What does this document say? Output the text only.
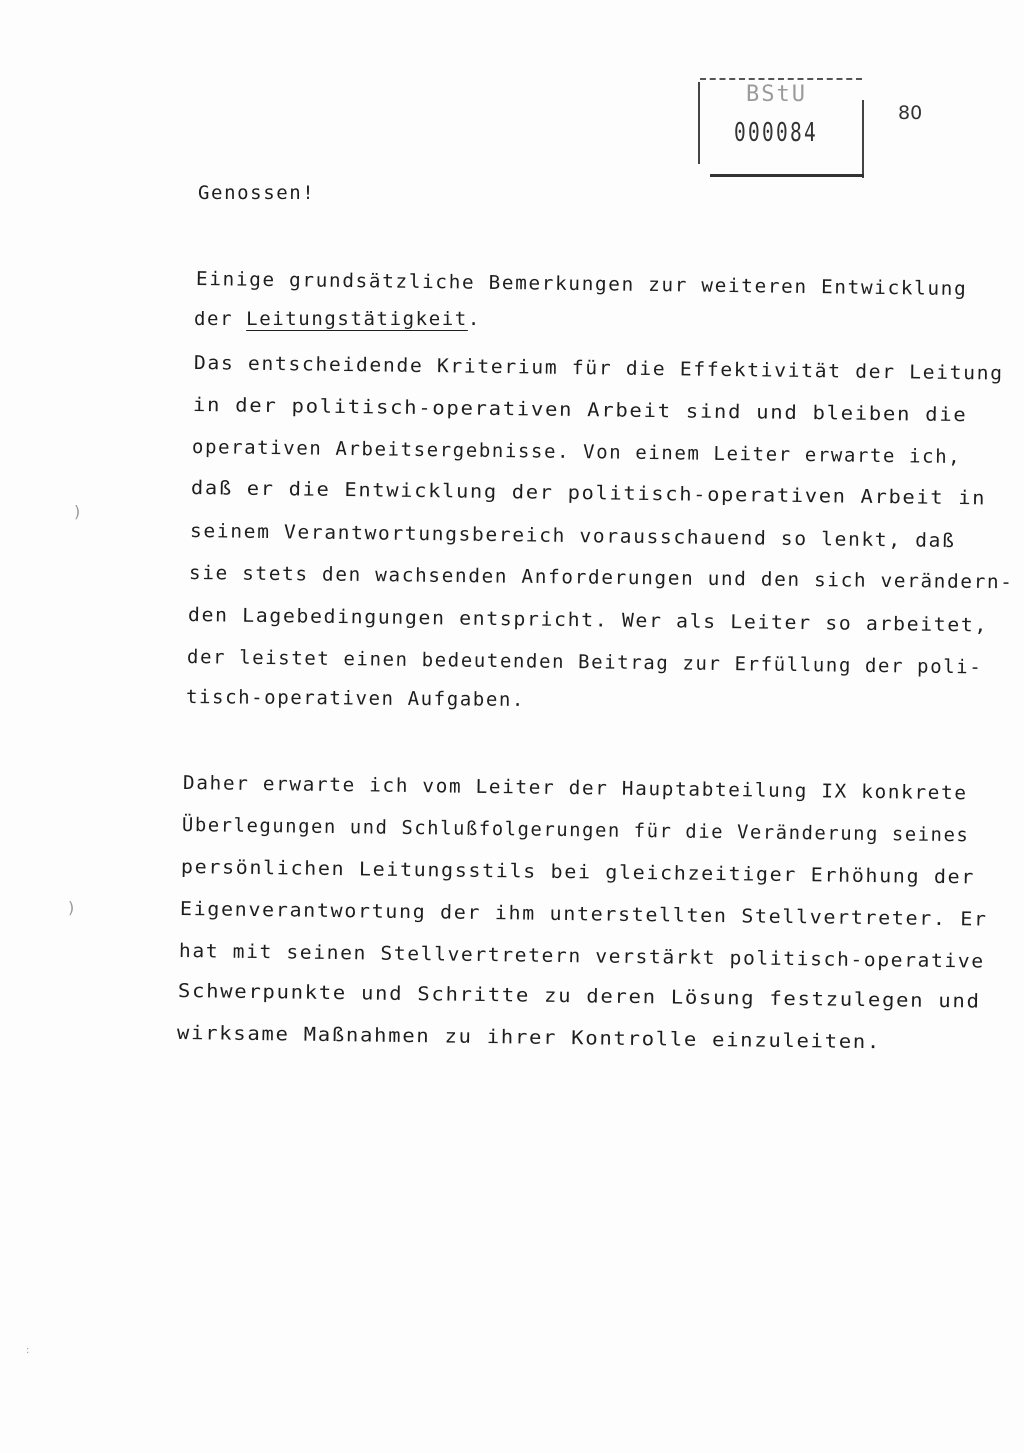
BStU
000084
80
Genossen!
Einige grundsätzliche Bemerkungen zur weiteren Entwicklung
der Leitungstätigkeit.
Das entscheidende Kriterium für die Effektivität der Leitung
in der politisch-operativen Arbeit sind und bleiben die
operativen Arbeitsergebnisse. Von einem Leiter erwarte ich,
daß er die Entwicklung der politisch-operativen Arbeit in
seinem Verantwortungsbereich vorausschauend so lenkt, daß
sie stets den wachsenden Anforderungen und den sich verändern-
den Lagebedingungen entspricht. Wer als Leiter so arbeitet,
der leistet einen bedeutenden Beitrag zur Erfüllung der poli-
tisch-operativen Aufgaben.
Daher erwarte ich vom Leiter der Hauptabteilung IX konkrete
Überlegungen und Schlußfolgerungen für die Veränderung seines
persönlichen Leitungsstils bei gleichzeitiger Erhöhung der
Eigenverantwortung der ihm unterstellten Stellvertreter. Er
hat mit seinen Stellvertretern verstärkt politisch-operative
Schwerpunkte und Schritte zu deren Lösung festzulegen und
wirksame Maßnahmen zu ihrer Kontrolle einzuleiten.
)
)
:
